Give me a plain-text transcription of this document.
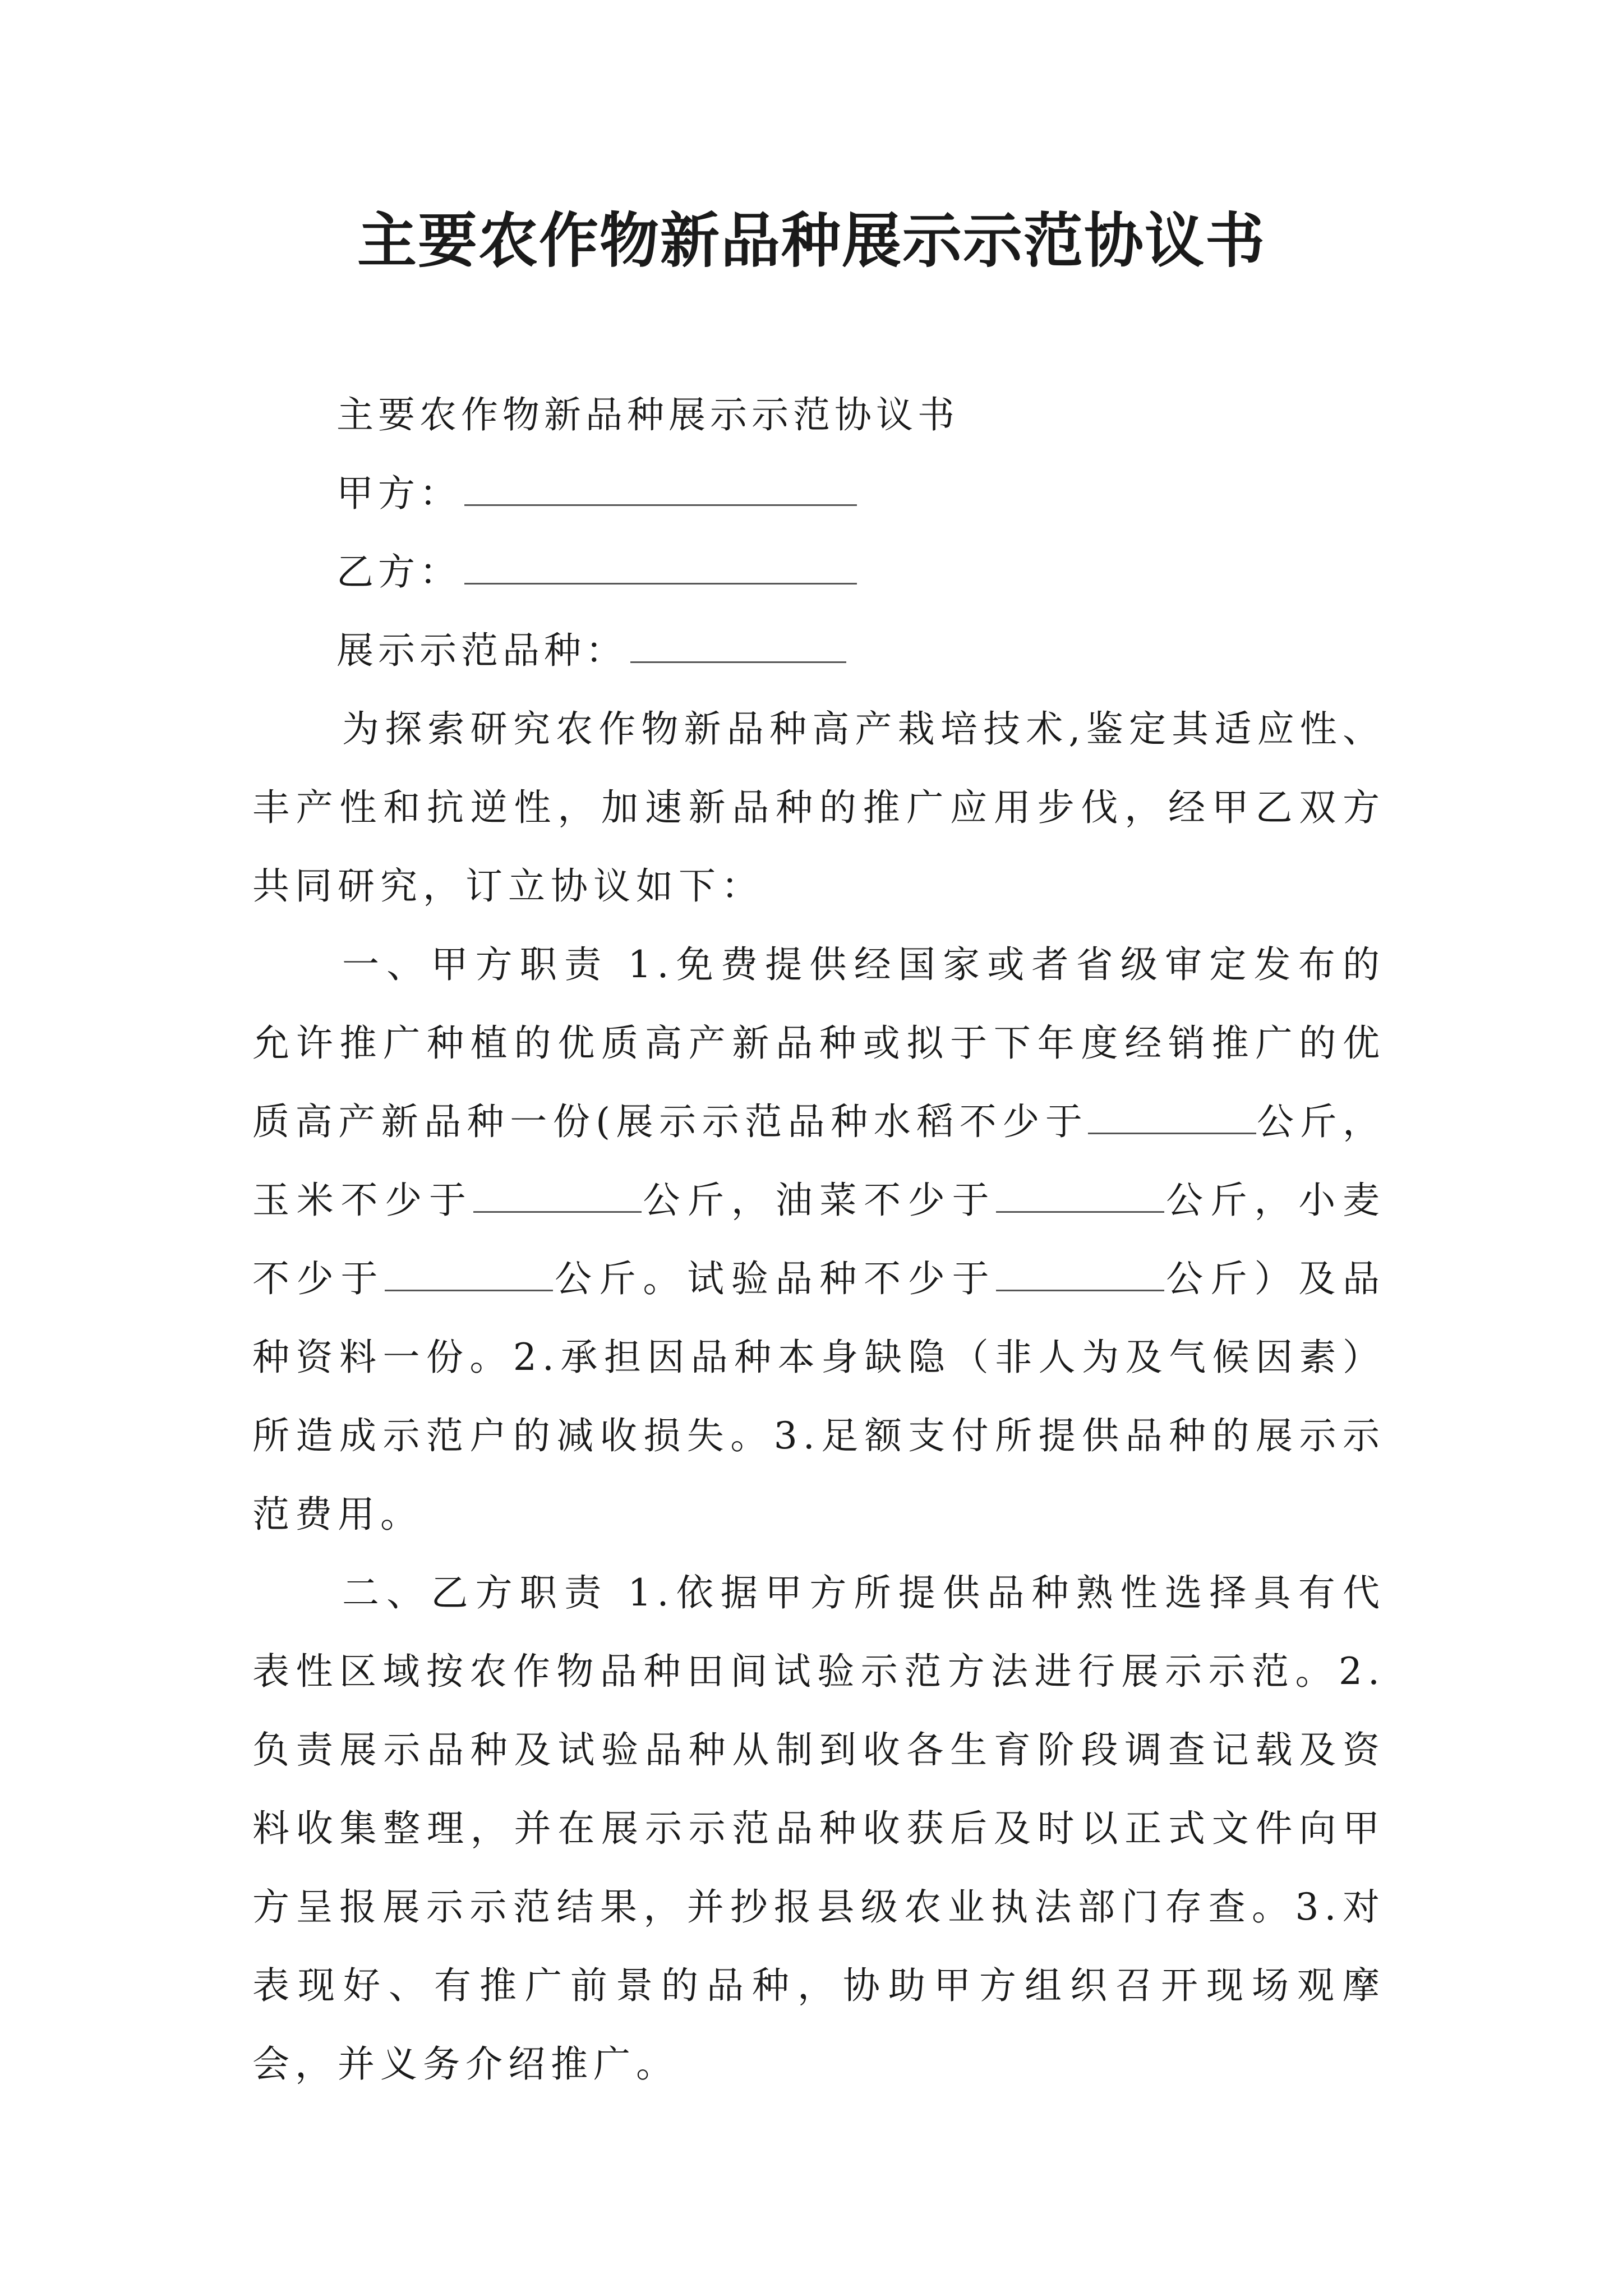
主要农作物新品种展示示范协议书

主要农作物新品种展示示范协议书

甲方：

乙方：

展示示范品种：

为探索研究农作物新品种高产栽培技术,鉴定其适应性、丰产性和抗逆性，加速新品种的推广应用步伐，经甲乙双方共同研究，订立协议如下：

一、甲方职责 1.免费提供经国家或者省级审定发布的允许推广种植的优质高产新品种或拟于下年度经销推广的优质高产新品种一份(展示示范品种水稻不少于	公斤，玉米不少于	公斤，油菜不少于	公斤，小麦不少于	公斤。试验品种不少于	公斤）及品种资料一份。2.承担因品种本身缺隐（非人为及气候因素）所造成示范户的减收损失。3.足额支付所提供品种的展示示范费用。

二、乙方职责 1.依据甲方所提供品种熟性选择具有代表性区域按农作物品种田间试验示范方法进行展示示范。2.负责展示品种及试验品种从制到收各生育阶段调查记载及资料收集整理，并在展示示范品种收获后及时以正式文件向甲方呈报展示示范结果，并抄报县级农业执法部门存查。3.对表现好、有推广前景的品种，协助甲方组织召开现场观摩会，并义务介绍推广。
